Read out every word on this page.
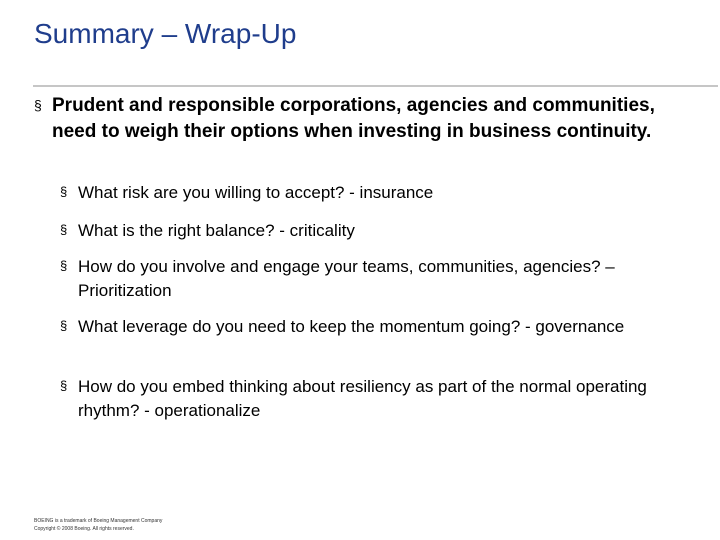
Summary – Wrap-Up
§ Prudent and responsible corporations, agencies and communities, need to weigh their options when investing in business continuity.
§ What risk are you willing to accept? - insurance
§ What is the right balance? - criticality
§ How do you involve and engage your teams, communities, agencies? – Prioritization
§ What leverage do you need to keep the momentum going? - governance
§ How do you embed thinking about resiliency as part of the normal operating rhythm? - operationalize
BOEING is a trademark of Boeing Management Company
Copyright © 2008 Boeing. All rights reserved.
